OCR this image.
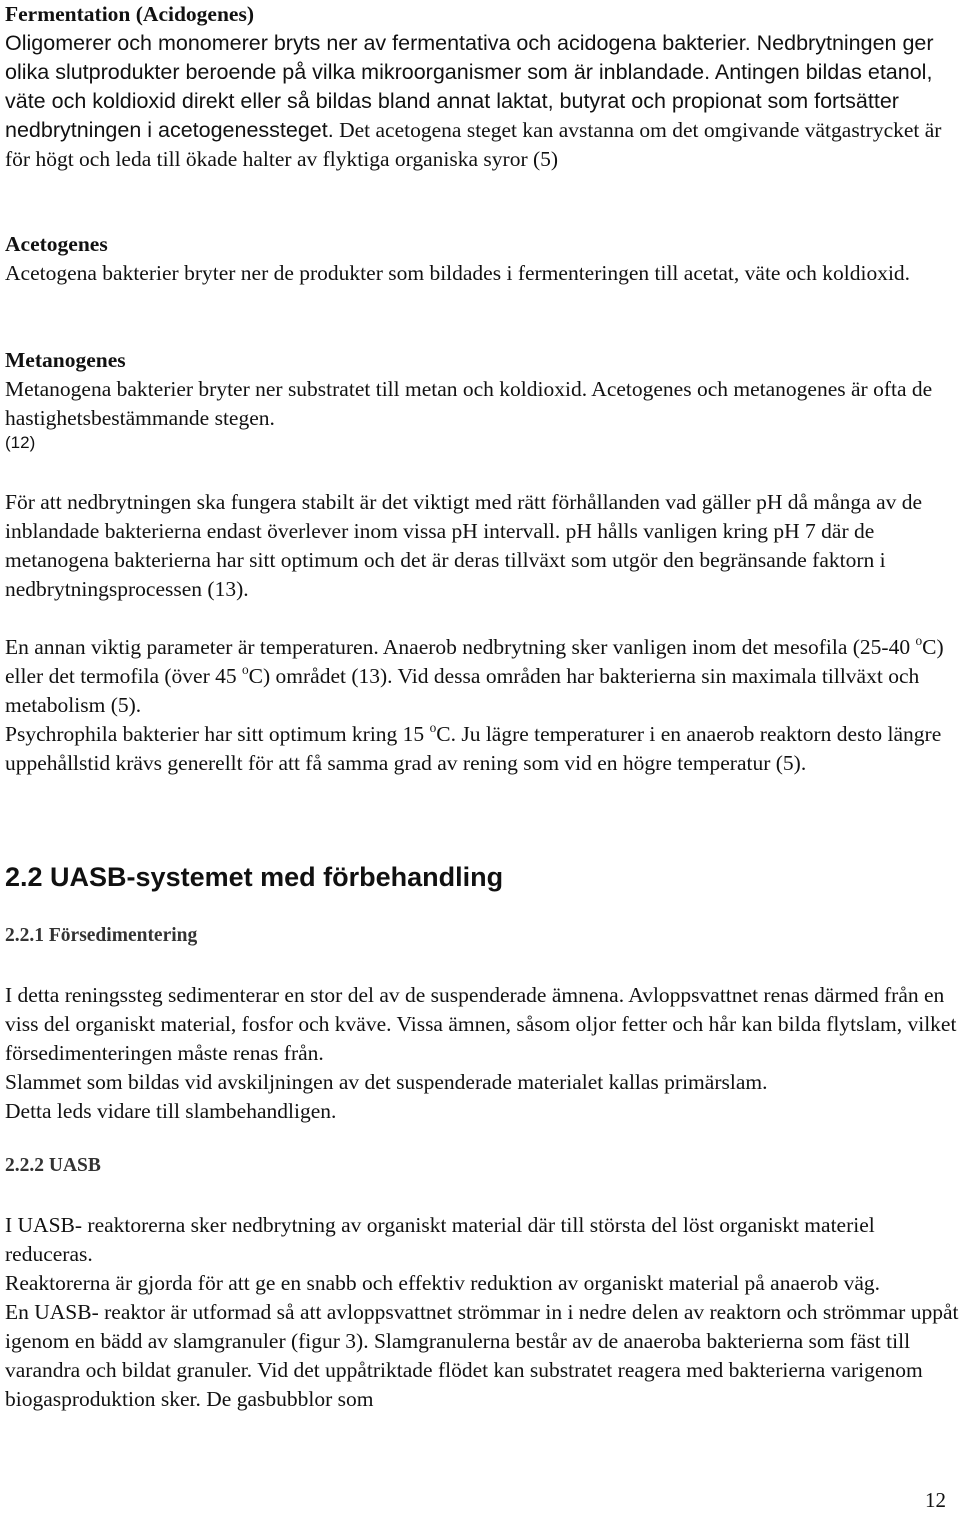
Fermentation (Acidogenes)
Oligomerer och monomerer bryts ner av fermentativa och acidogena bakterier. Nedbrytningen ger olika slutprodukter beroende på vilka mikroorganismer som är inblandade. Antingen bildas etanol, väte och koldioxid direkt eller så bildas bland annat laktat, butyrat och propionat som fortsätter nedbrytningen i acetogenessteget. Det acetogena steget kan avstanna om det omgivande vätgastrycket är för högt och leda till ökade halter av flyktiga organiska syror (5)
Acetogenes
Acetogena bakterier bryter ner de produkter som bildades i fermenteringen till acetat, väte och koldioxid.
Metanogenes
Metanogena bakterier bryter ner substratet till metan och koldioxid. Acetogenes och metanogenes är ofta de hastighetsbestämmande stegen.
(12)
För att nedbrytningen ska fungera stabilt är det viktigt med rätt förhållanden vad gäller pH då många av de inblandade bakterierna endast överlever inom vissa pH intervall. pH hålls vanligen kring pH 7 där de metanogena bakterierna har sitt optimum och det är deras tillväxt som utgör den begränsande faktorn i nedbrytningsprocessen (13).
En annan viktig parameter är temperaturen. Anaerob nedbrytning sker vanligen inom det mesofila (25-40 $^o$C) eller det termofila (över 45 $^o$C) området (13). Vid dessa områden har bakterierna sin maximala tillväxt och metabolism (5).
Psychrophila bakterier har sitt optimum kring 15 $^o$C. Ju lägre temperaturer i en anaerob reaktorn desto längre uppehållstid krävs generellt för att få samma grad av rening som vid en högre temperatur (5).
2.2 UASB-systemet med förbehandling
2.2.1 Försedimentering
I detta reningssteg sedimenterar en stor del av de suspenderade ämnena. Avloppsvattnet renas därmed från en viss del organiskt material, fosfor och kväve. Vissa ämnen, såsom oljor fetter och hår kan bilda flytslam, vilket försedimenteringen måste renas från.
Slammet som bildas vid avskiljningen av det suspenderade materialet kallas primärslam.
Detta leds vidare till slambehandligen.
2.2.2 UASB
I UASB- reaktorerna sker nedbrytning av organiskt material där till största del löst organiskt materiel reduceras.
Reaktorerna är gjorda för att ge en snabb och effektiv reduktion av organiskt material på anaerob väg.
En UASB- reaktor är utformad så att avloppsvattnet strömmar in i nedre delen av reaktorn och strömmar uppåt igenom en bädd av slamgranuler (figur 3). Slamgranulerna består av de anaeroba bakterierna som fäst till varandra och bildat granuler. Vid det uppåtriktade flödet kan substratet reagera med bakterierna varigenom biogasproduktion sker. De gasbubblor som
12
